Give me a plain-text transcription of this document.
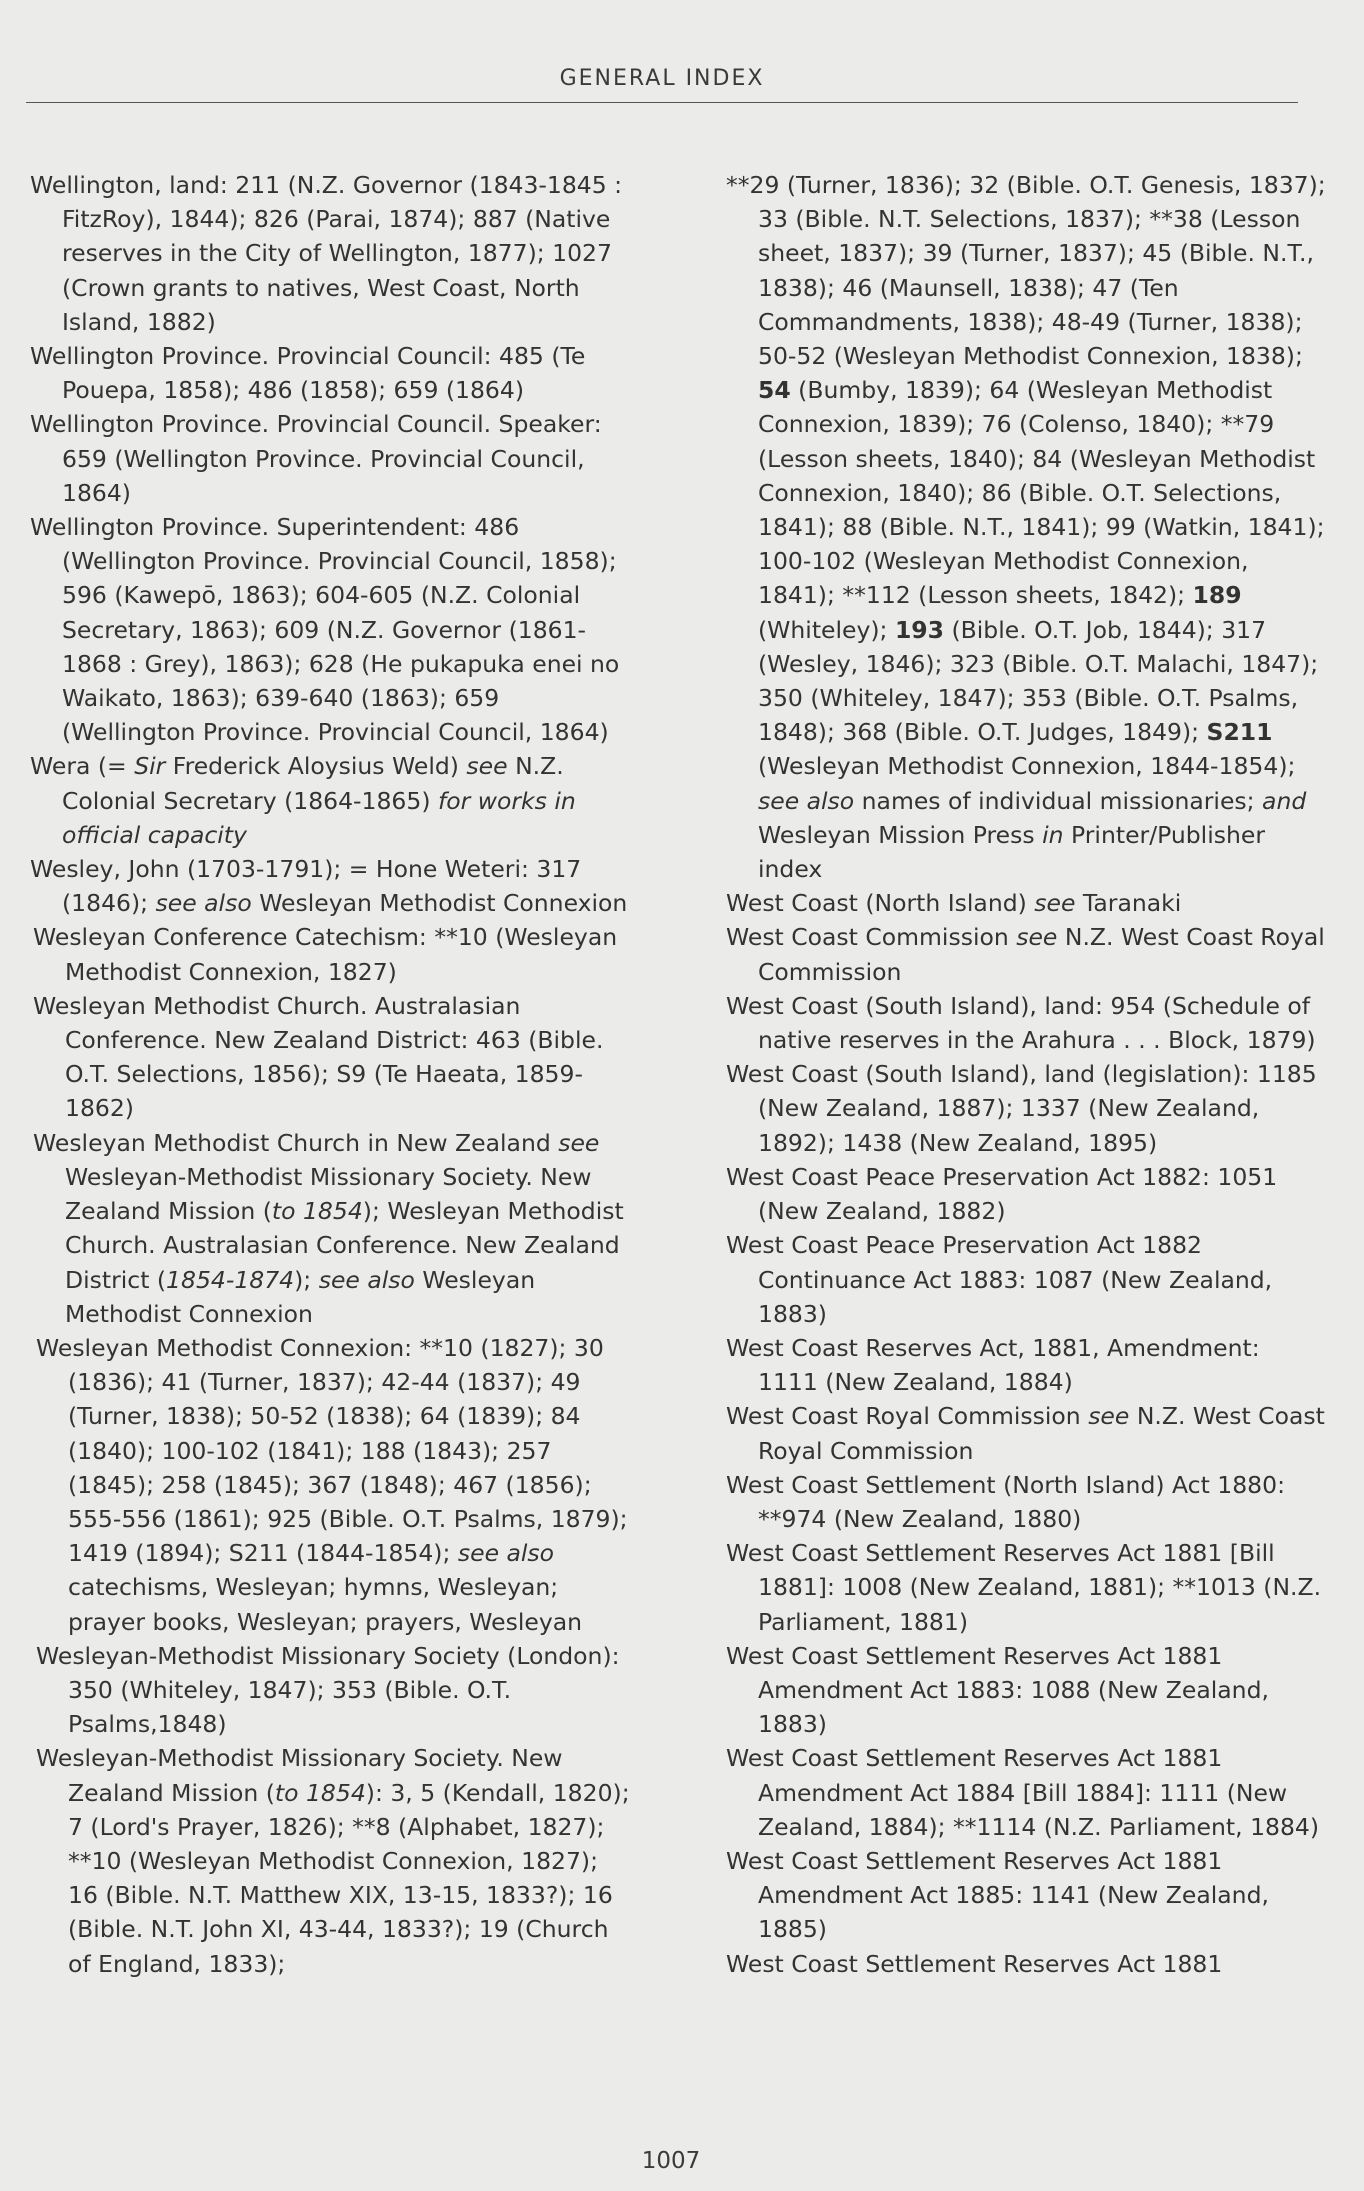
GENERAL INDEX

Wellington, land: 211 (N.Z. Governor (1843-1845 : FitzRoy), 1844); 826 (Parai, 1874); 887 (Native reserves in the City of Wellington, 1877); 1027 (Crown grants to natives, West Coast, North Island, 1882)

Wellington Province. Provincial Council: 485 (Te Pouepa, 1858); 486 (1858); 659 (1864)

Wellington Province. Provincial Council. Speaker: 659 (Wellington Province. Provincial Council, 1864)

Wellington Province. Superintendent: 486 (Wellington Province. Provincial Council, 1858); 596 (Kawepō, 1863); 604-605 (N.Z. Colonial Secretary, 1863); 609 (N.Z. Governor (1861-1868 : Grey), 1863); 628 (He pukapuka enei no Waikato, 1863); 639-640 (1863); 659 (Wellington Province. Provincial Council, 1864)

Wera (= Sir Frederick Aloysius Weld) see N.Z. Colonial Secretary (1864-1865) for works in official capacity

Wesley, John (1703-1791); = Hone Weteri: 317 (1846); see also Wesleyan Methodist Connexion

Wesleyan Conference Catechism: **10 (Wesleyan Methodist Connexion, 1827)

Wesleyan Methodist Church. Australasian Conference. New Zealand District: 463 (Bible. O.T. Selections, 1856); S9 (Te Haeata, 1859-1862)

Wesleyan Methodist Church in New Zealand see Wesleyan-Methodist Missionary Society. New Zealand Mission (to 1854); Wesleyan Methodist Church. Australasian Conference. New Zealand District (1854-1874); see also Wesleyan Methodist Connexion

Wesleyan Methodist Connexion: **10 (1827); 30 (1836); 41 (Turner, 1837); 42-44 (1837); 49 (Turner, 1838); 50-52 (1838); 64 (1839); 84 (1840); 100-102 (1841); 188 (1843); 257 (1845); 258 (1845); 367 (1848); 467 (1856); 555-556 (1861); 925 (Bible. O.T. Psalms, 1879); 1419 (1894); S211 (1844-1854); see also catechisms, Wesleyan; hymns, Wesleyan; prayer books, Wesleyan; prayers, Wesleyan

Wesleyan-Methodist Missionary Society (London): 350 (Whiteley, 1847); 353 (Bible. O.T. Psalms,1848)

Wesleyan-Methodist Missionary Society. New Zealand Mission (to 1854): 3, 5 (Kendall, 1820); 7 (Lord's Prayer, 1826); **8 (Alphabet, 1827); **10 (Wesleyan Methodist Connexion, 1827); 16 (Bible. N.T. Matthew XIX, 13-15, 1833?); 16 (Bible. N.T. John XI, 43-44, 1833?); 19 (Church of England, 1833);

**29 (Turner, 1836); 32 (Bible. O.T. Genesis, 1837); 33 (Bible. N.T. Selections, 1837); **38 (Lesson sheet, 1837); 39 (Turner, 1837); 45 (Bible. N.T., 1838); 46 (Maunsell, 1838); 47 (Ten Commandments, 1838); 48-49 (Turner, 1838); 50-52 (Wesleyan Methodist Connexion, 1838); 54 (Bumby, 1839); 64 (Wesleyan Methodist Connexion, 1839); 76 (Colenso, 1840); **79 (Lesson sheets, 1840); 84 (Wesleyan Methodist Connexion, 1840); 86 (Bible. O.T. Selections, 1841); 88 (Bible. N.T., 1841); 99 (Watkin, 1841); 100-102 (Wesleyan Methodist Connexion, 1841); **112 (Lesson sheets, 1842); 189 (Whiteley); 193 (Bible. O.T. Job, 1844); 317 (Wesley, 1846); 323 (Bible. O.T. Malachi, 1847); 350 (Whiteley, 1847); 353 (Bible. O.T. Psalms, 1848); 368 (Bible. O.T. Judges, 1849); S211 (Wesleyan Methodist Connexion, 1844-1854); see also names of individual missionaries; and Wesleyan Mission Press in Printer/Publisher index

West Coast (North Island) see Taranaki

West Coast Commission see N.Z. West Coast Royal Commission

West Coast (South Island), land: 954 (Schedule of native reserves in the Arahura . . . Block, 1879)

West Coast (South Island), land (legislation): 1185 (New Zealand, 1887); 1337 (New Zealand, 1892); 1438 (New Zealand, 1895)

West Coast Peace Preservation Act 1882: 1051 (New Zealand, 1882)

West Coast Peace Preservation Act 1882 Continuance Act 1883: 1087 (New Zealand, 1883)

West Coast Reserves Act, 1881, Amendment: 1111 (New Zealand, 1884)

West Coast Royal Commission see N.Z. West Coast Royal Commission

West Coast Settlement (North Island) Act 1880: **974 (New Zealand, 1880)

West Coast Settlement Reserves Act 1881 [Bill 1881]: 1008 (New Zealand, 1881); **1013 (N.Z. Parliament, 1881)

West Coast Settlement Reserves Act 1881 Amendment Act 1883: 1088 (New Zealand, 1883)

West Coast Settlement Reserves Act 1881 Amendment Act 1884 [Bill 1884]: 1111 (New Zealand, 1884); **1114 (N.Z. Parliament, 1884)

West Coast Settlement Reserves Act 1881 Amendment Act 1885: 1141 (New Zealand, 1885)

West Coast Settlement Reserves Act 1881

1007
